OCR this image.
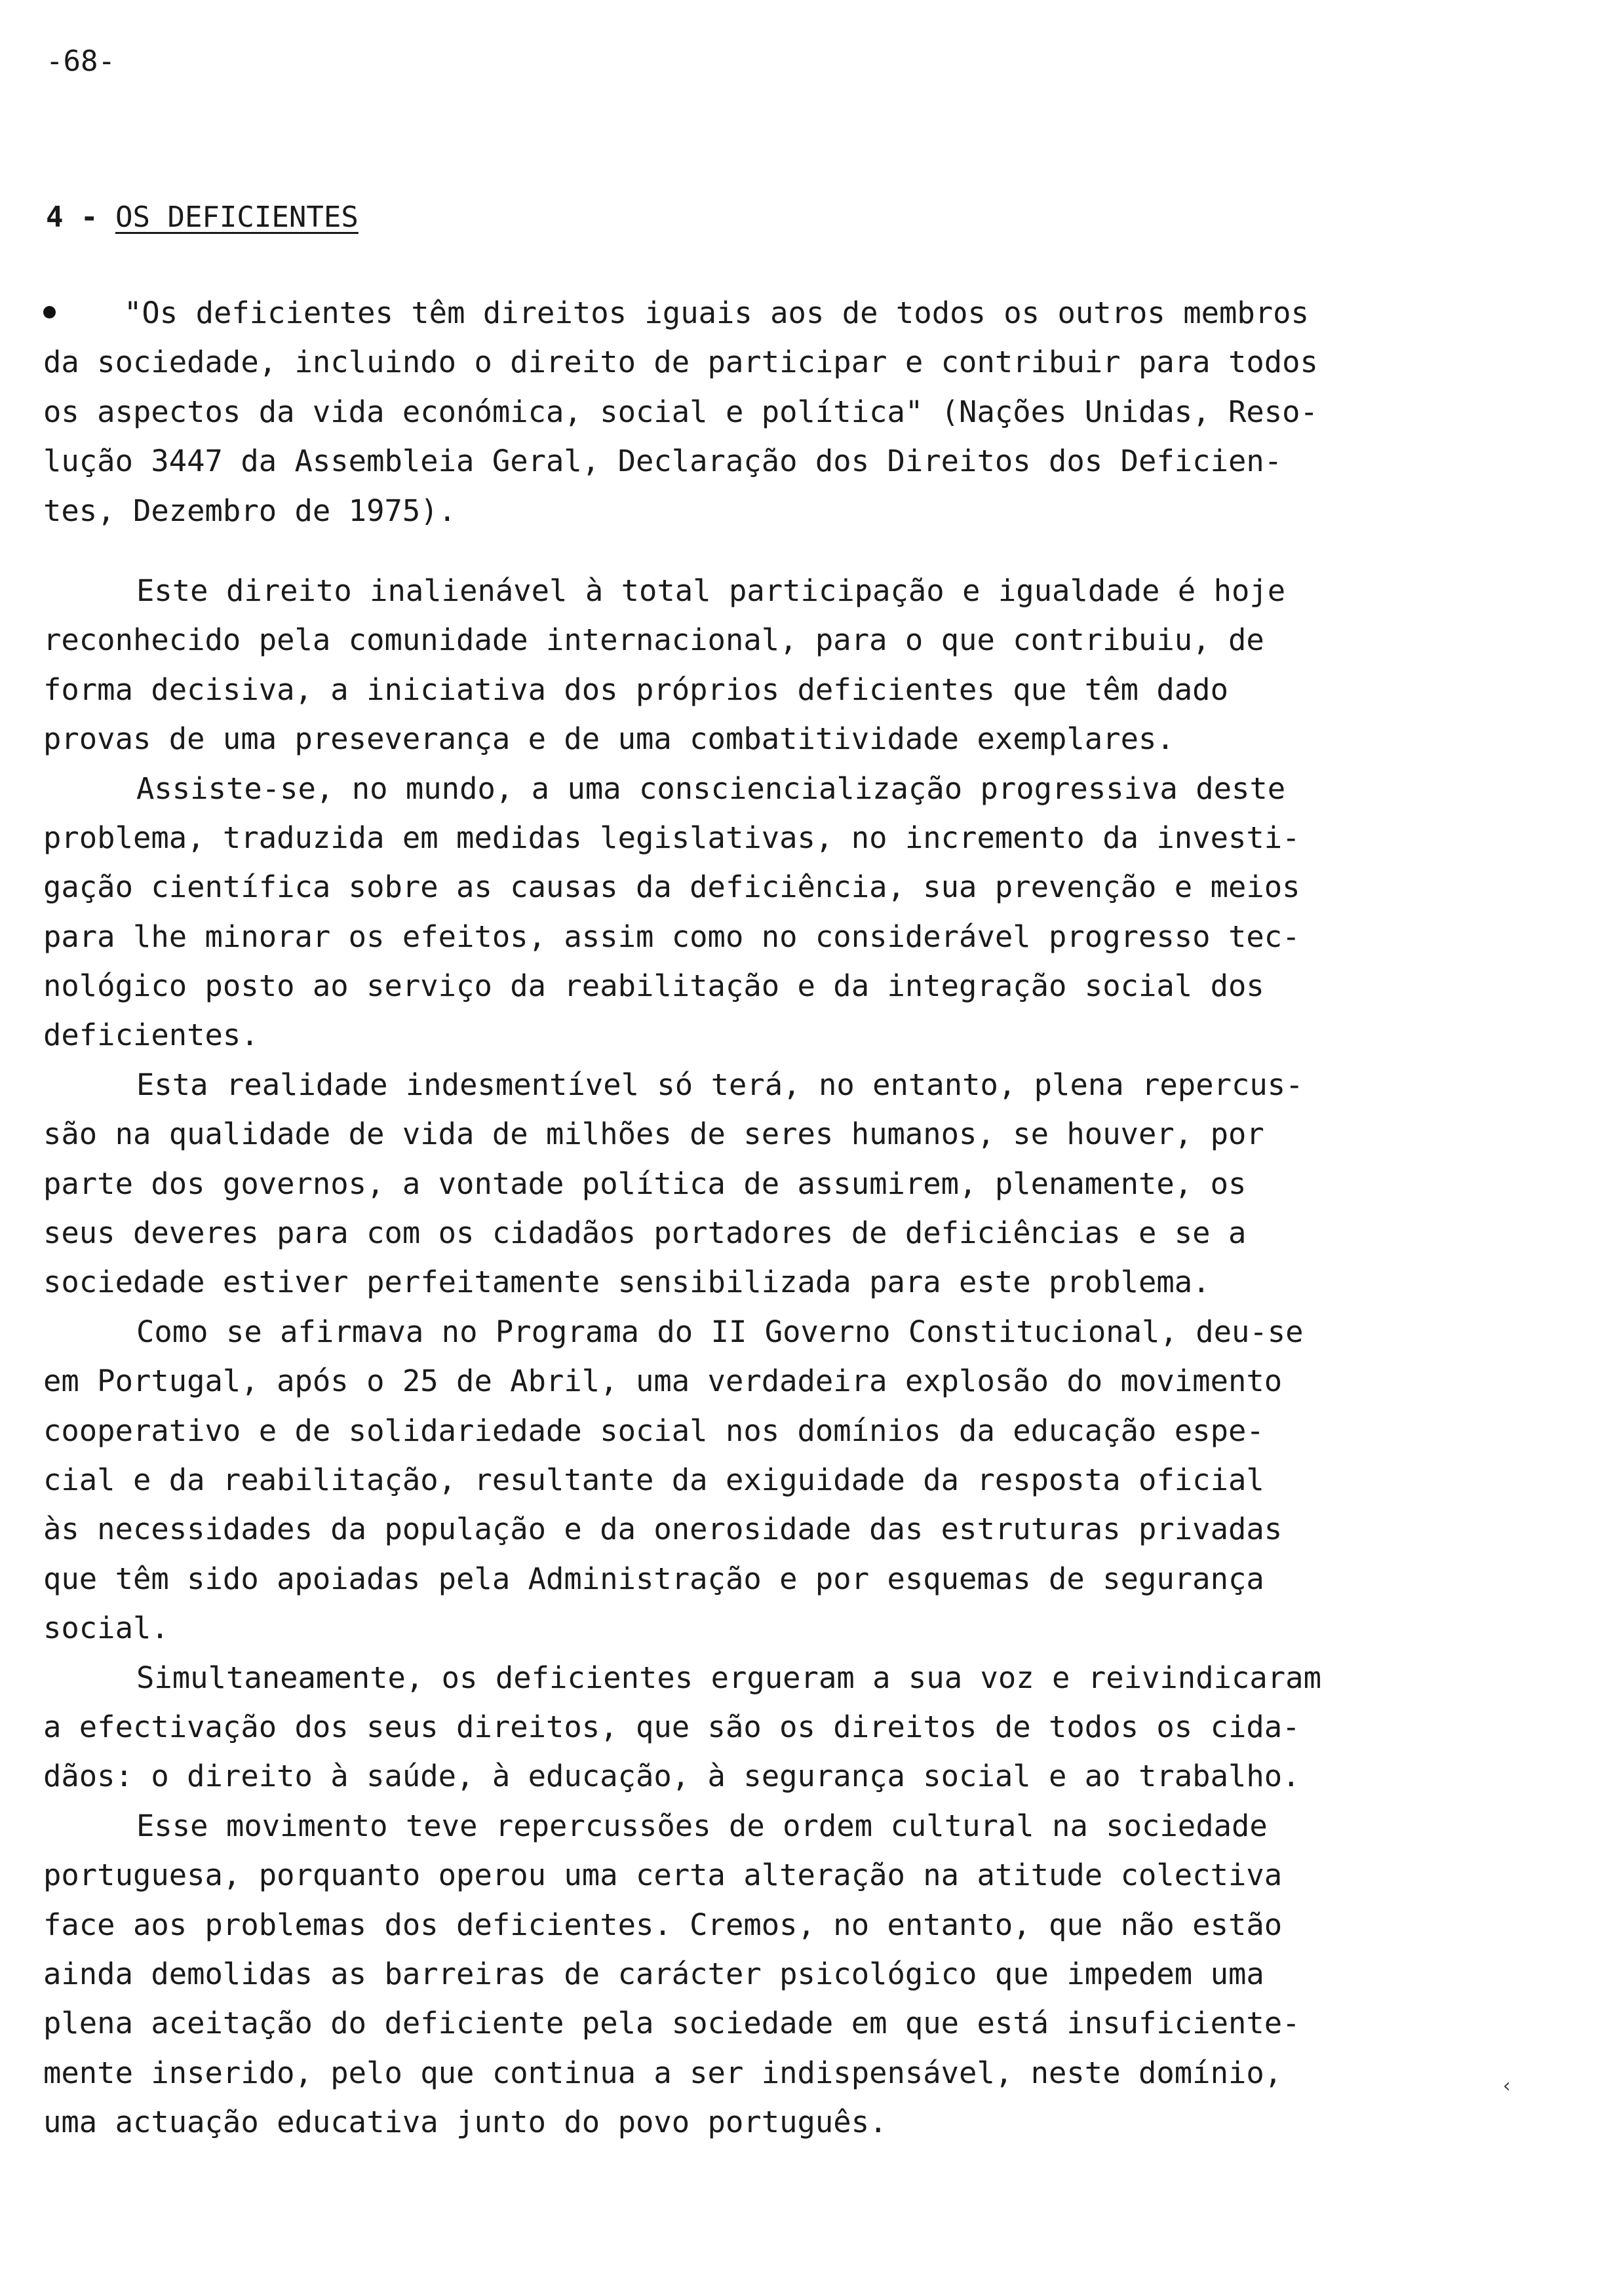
-68-
4 - OS DEFICIENTES
"Os deficientes têm direitos iguais aos de todos os outros membros
da sociedade, incluindo o direito de participar e contribuir para todos
os aspectos da vida económica, social e política" (Nações Unidas, Reso-
lução 3447 da Assembleia Geral, Declaração dos Direitos dos Deficien-
tes, Dezembro de 1975).
Este direito inalienável à total participação e igualdade é hoje
reconhecido pela comunidade internacional, para o que contribuiu, de
forma decisiva, a iniciativa dos próprios deficientes que têm dado
provas de uma preseverança e de uma combatitividade exemplares.
Assiste-se, no mundo, a uma consciencialização progressiva deste
problema, traduzida em medidas legislativas, no incremento da investi-
gação científica sobre as causas da deficiência, sua prevenção e meios
para lhe minorar os efeitos, assim como no considerável progresso tec-
nológico posto ao serviço da reabilitação e da integração social dos
deficientes.
Esta realidade indesmentível só terá, no entanto, plena repercus-
são na qualidade de vida de milhões de seres humanos, se houver, por
parte dos governos, a vontade política de assumirem, plenamente, os
seus deveres para com os cidadãos portadores de deficiências e se a
sociedade estiver perfeitamente sensibilizada para este problema.
Como se afirmava no Programa do II Governo Constitucional, deu-se
em Portugal, após o 25 de Abril, uma verdadeira explosão do movimento
cooperativo e de solidariedade social nos domínios da educação espe-
cial e da reabilitação, resultante da exiguidade da resposta oficial
às necessidades da população e da onerosidade das estruturas privadas
que têm sido apoiadas pela Administração e por esquemas de segurança
social.
Simultaneamente, os deficientes ergueram a sua voz e reivindicaram
a efectivação dos seus direitos, que são os direitos de todos os cida-
dãos: o direito à saúde, à educação, à segurança social e ao trabalho.
Esse movimento teve repercussões de ordem cultural na sociedade
portuguesa, porquanto operou uma certa alteração na atitude colectiva
face aos problemas dos deficientes. Cremos, no entanto, que não estão
ainda demolidas as barreiras de carácter psicológico que impedem uma
plena aceitação do deficiente pela sociedade em que está insuficiente-
mente inserido, pelo que continua a ser indispensável, neste domínio,
uma actuação educativa junto do povo português.
‹
